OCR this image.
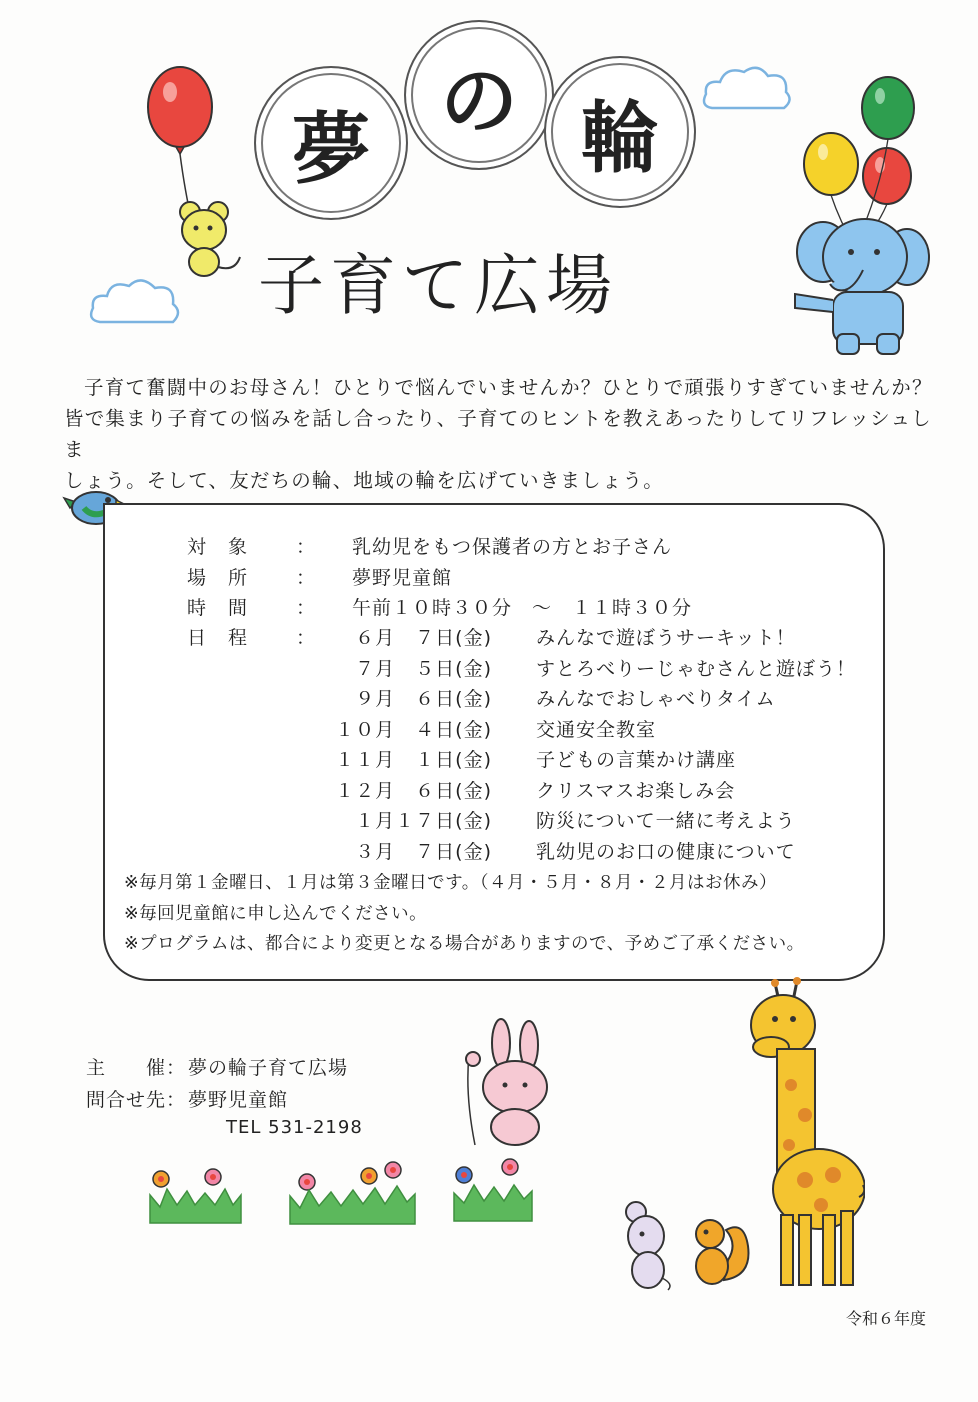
夢
の 輪
子育て広場
子育て奮闘中のお母さん！ひとりで悩んでいませんか？ひとりで頑張りすぎていませんか？
皆で集まり子育ての悩みを話し合ったり、子育てのヒントを教えあったりしてリフレッシュしま
しょう。そして、友だちの輪、地域の輪を広げていきましょう。
対象	： 乳幼児をもつ保護者の方とお子さん
場所	： 夢野児童館
時間	： 午前１０時３０分　～　１１時３０分
日程	：	６月　７日(金) みんなで遊ぼうサーキット！
７月　５日(金) すとろべりーじゃむさんと遊ぼう！
９月　６日(金) みんなでおしゃべりタイム
１０月　４日(金) 交通安全教室
１１月　１日(金) 子どもの言葉かけ講座
１２月　６日(金) クリスマスお楽しみ会
１月１７日(金) 防災について一緒に考えよう
３月　７日(金) 乳幼児のお口の健康について
※毎月第１金曜日、１月は第３金曜日です。（４月・５月・８月・２月はお休み）
※毎回児童館に申し込んでください。
※プログラムは、都合により変更となる場合がありますので、予めご了承ください。
主　　催： 夢の輪子育て広場
問合せ先： 夢野児童館
TEL 531-2198
令和６年度
